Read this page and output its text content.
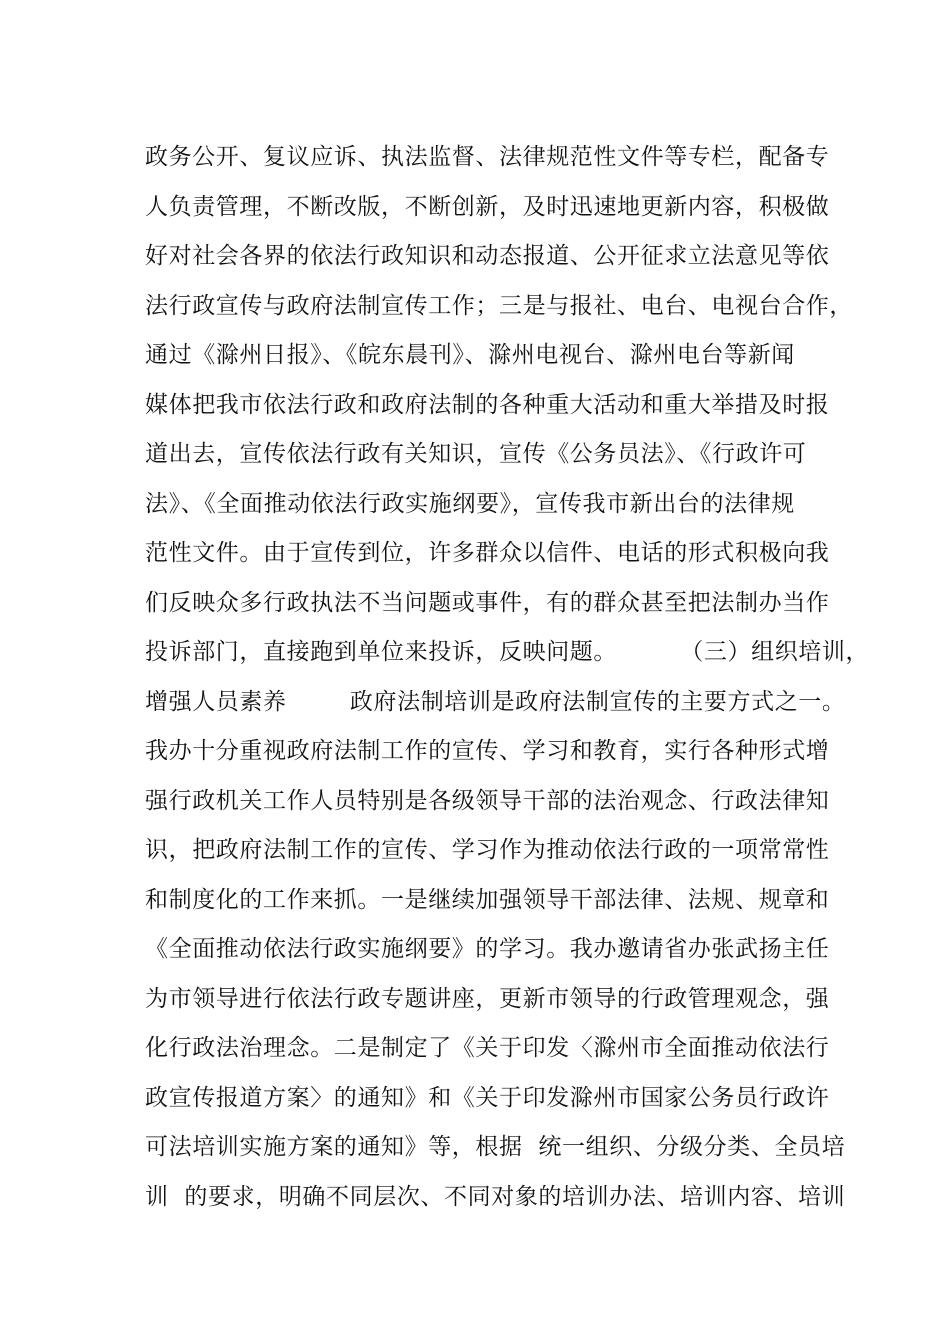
政务公开、复议应诉、执法监督、法律规范性文件等专栏，配备专
人负责管理，不断改版，不断创新，及时迅速地更新内容，积极做
好对社会各界的依法行政知识和动态报道、公开征求立法意见等依
法行政宣传与政府法制宣传工作；三是与报社、电台、电视台合作，
通过《滁州日报》、《皖东晨刊》、滁州电视台、滁州电台等新闻
媒体把我市依法行政和政府法制的各种重大活动和重大举措及时报
道出去，宣传依法行政有关知识，宣传《公务员法》、《行政许可
法》、《全面推动依法行政实施纲要》，宣传我市新出台的法律规
范性文件。由于宣传到位，许多群众以信件、电话的形式积极向我
们反映众多行政执法不当问题或事件，有的群众甚至把法制办当作
投诉部门，直接跑到单位来投诉，反映问题。        （三）组织培训，
增强人员素养        政府法制培训是政府法制宣传的主要方式之一。
我办十分重视政府法制工作的宣传、学习和教育，实行各种形式增
强行政机关工作人员特别是各级领导干部的法治观念、行政法律知
识，把政府法制工作的宣传、学习作为推动依法行政的一项常常性
和制度化的工作来抓。一是继续加强领导干部法律、法规、规章和
《全面推动依法行政实施纲要》的学习。我办邀请省办张武扬主任
为市领导进行依法行政专题讲座，更新市领导的行政管理观念，强
化行政法治理念。二是制定了《关于印发〈滁州市全面推动依法行
政宣传报道方案〉的通知》和《关于印发滁州市国家公务员行政许
可法培训实施方案的通知》等，根据  统一组织、分级分类、全员培
训  的要求，明确不同层次、不同对象的培训办法、培训内容、培训
